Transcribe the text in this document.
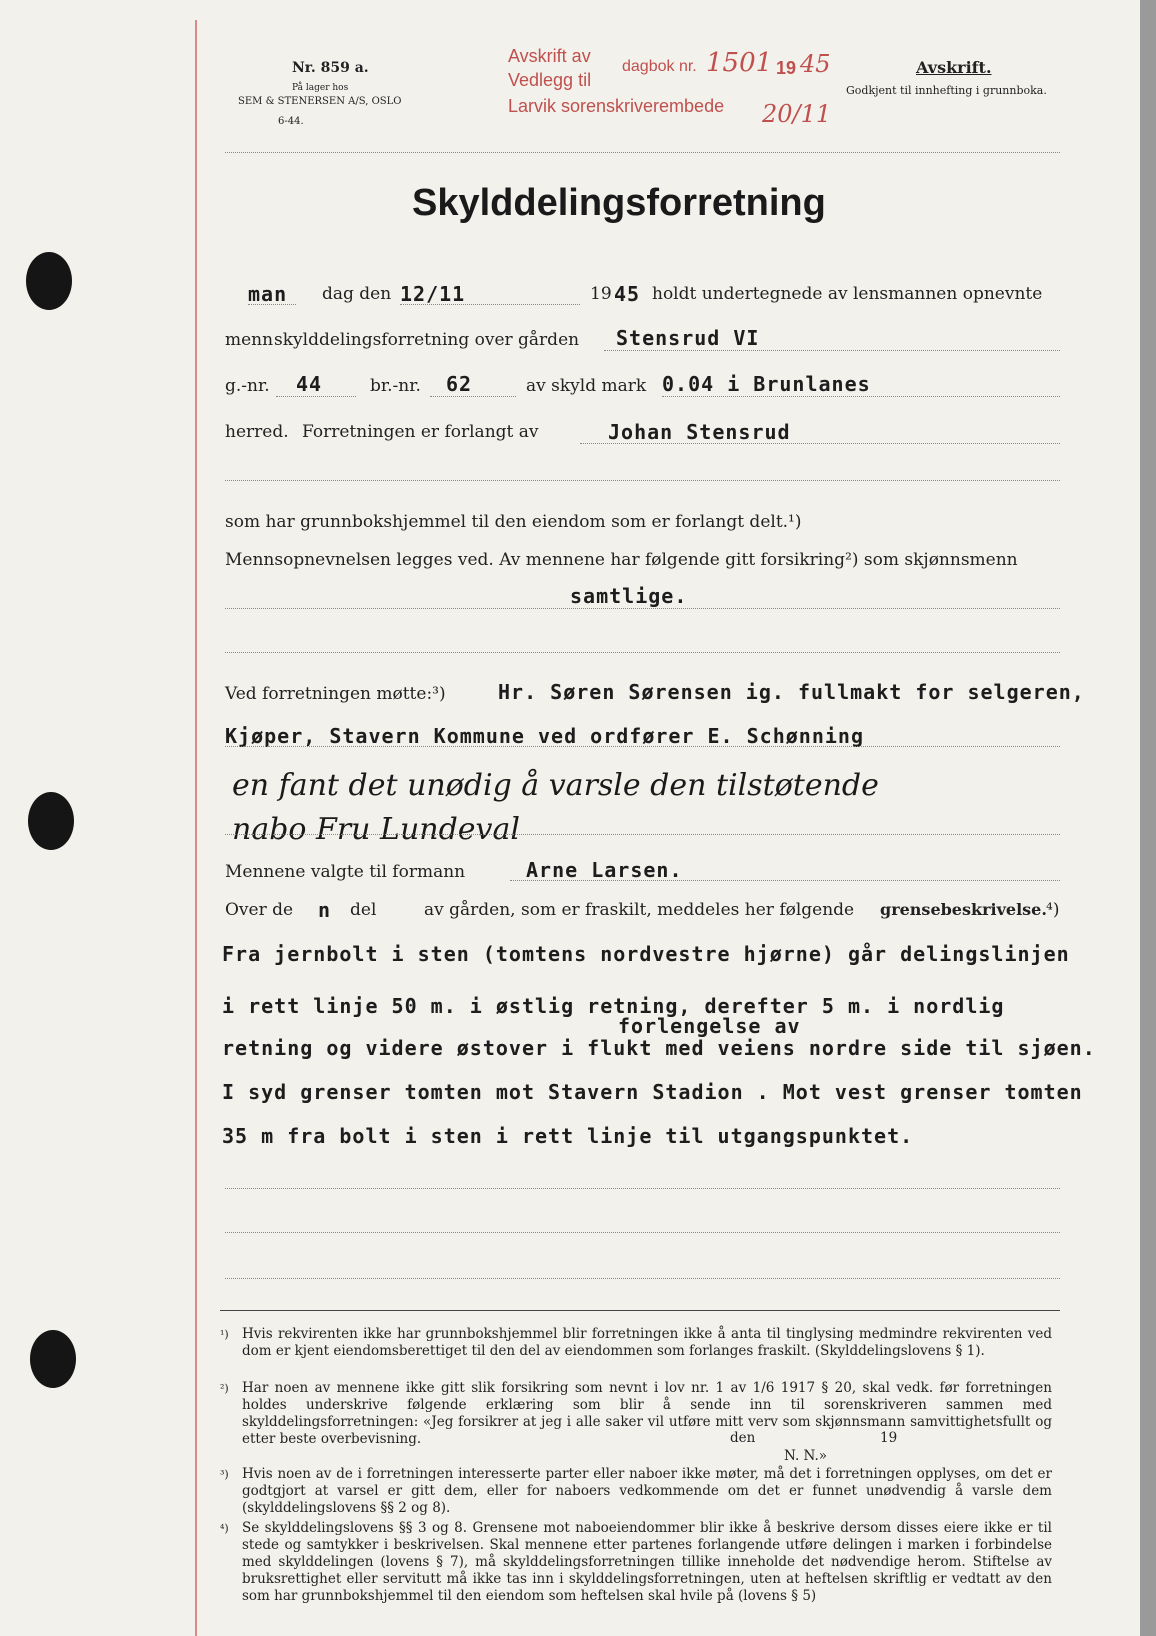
Nr. 859 a.
På lager hos
SEM & STENERSEN A/S, OSLO
6-44.
Avskrift av
Vedlegg til
Larvik sorenskriverembede
dagbok nr. 1501 19 45
20/11
Avskrift.
Godkjent til innhefting i grunnboka.
Skylddelingsforretning
man dag den 12/11	19 45 holdt undertegnede av lensmannen opnevnte
menn skylddelingsforretning over gården Stensrud VI
g.-nr. 44	br.-nr. 62	av skyld mark 0.04 i Brunlanes
herred. Forretningen er forlangt av	Johan Stensrud
som har grunnbokshjemmel til den eiendom som er forlangt delt.¹)
Mennsopnevnelsen legges ved. Av mennene har følgende gitt forsikring²) som skjønnsmenn
samtlige.
Ved forretningen møtte:³)	Hr. Søren Sørensen ig. fullmakt for selgeren,
Kjøper, Stavern Kommune ved ordfører E. Schønning
en fant det unødig å varsle den tilstøtende
nabo Fru Lundeval
Mennene valgte til formann	Arne Larsen.
Over de n del	av gården, som er fraskilt, meddeles her følgende grensebeskrivelse. ⁴)
Fra jernbolt i sten (tomtens nordvestre hjørne) går delingslinjen
i rett linje 50 m. i østlig retning, derefter 5 m. i nordlig
forlengelse av
retning og videre østover i flukt med veiens nordre side til sjøen.
I syd grenser tomten mot Stavern Stadion . Mot vest grenser tomten
35 m fra bolt i sten i rett linje til utgangspunktet.
¹) Hvis rekvirenten ikke har grunnbokshjemmel blir forretningen ikke å anta til tinglysing medmindre rekvirenten ved dom er kjent eiendomsberettiget til den del av eiendommen som forlanges fraskilt. (Skylddelingslovens § 1).
²) Har noen av mennene ikke gitt slik forsikring som nevnt i lov nr. 1 av 1/6 1917 § 20, skal vedk. før forretningen holdes underskrive følgende erklæring som blir å sende inn til sorenskriveren sammen med skylddelingsforretningen: «Jeg forsikrer at jeg i alle saker vil utføre mitt verv som skjønnsmann samvittighetsfullt og etter beste overbevisning.	den	19
N. N.»
³) Hvis noen av de i forretningen interesserte parter eller naboer ikke møter, må det i forretningen opplyses, om det er godtgjort at varsel er gitt dem, eller for naboers vedkommende om det er funnet unødvendig å varsle dem (skylddelingslovens §§ 2 og 8).
⁴) Se skylddelingslovens §§ 3 og 8. Grensene mot naboeiendommer blir ikke å beskrive dersom disses eiere ikke er til stede og samtykker i beskrivelsen. Skal mennene etter partenes forlangende utføre delingen i marken i forbindelse med skylddelingen (lovens § 7), må skylddelingsforretningen tillike inneholde det nødvendige herom. Stiftelse av bruksrettighet eller servitutt må ikke tas inn i skylddelingsforretningen, uten at heftelsen skriftlig er vedtatt av den som har grunnbokshjemmel til den eiendom som heftelsen skal hvile på (lovens § 5)
